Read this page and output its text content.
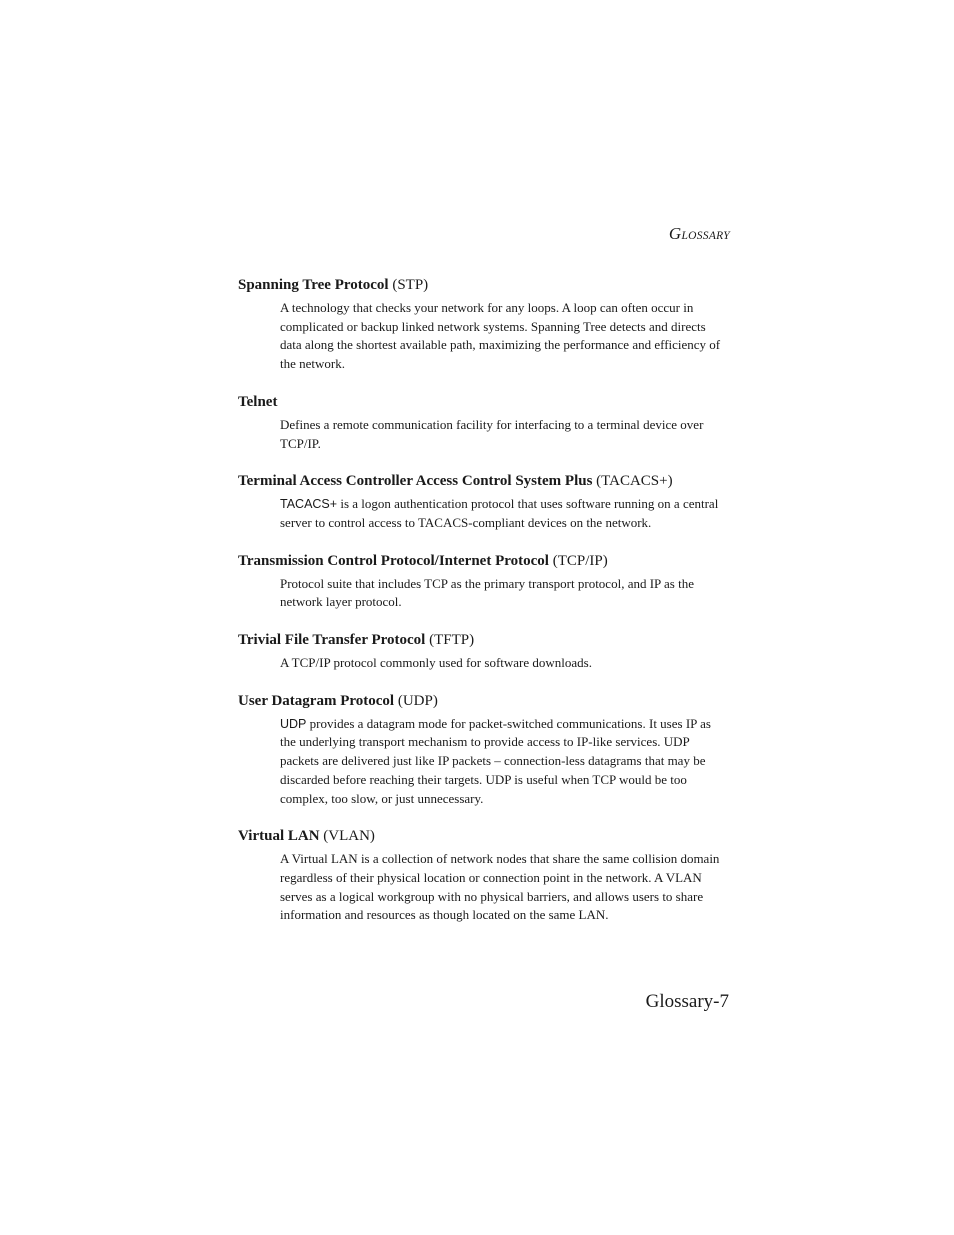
GLOSSARY

Spanning Tree Protocol (STP)

A technology that checks your network for any loops. A loop can often occur in complicated or backup linked network systems. Spanning Tree detects and directs data along the shortest available path, maximizing the performance and efficiency of the network.

Telnet

Defines a remote communication facility for interfacing to a terminal device over TCP/IP.

Terminal Access Controller Access Control System Plus (TACACS+)

TACACS+ is a logon authentication protocol that uses software running on a central server to control access to TACACS-compliant devices on the network.

Transmission Control Protocol/Internet Protocol (TCP/IP)

Protocol suite that includes TCP as the primary transport protocol, and IP as the network layer protocol.

Trivial File Transfer Protocol (TFTP)

A TCP/IP protocol commonly used for software downloads.

User Datagram Protocol (UDP)

UDP provides a datagram mode for packet-switched communications. It uses IP as the underlying transport mechanism to provide access to IP-like services. UDP packets are delivered just like IP packets – connection-less datagrams that may be discarded before reaching their targets. UDP is useful when TCP would be too complex, too slow, or just unnecessary.

Virtual LAN (VLAN)

A Virtual LAN is a collection of network nodes that share the same collision domain regardless of their physical location or connection point in the network. A VLAN serves as a logical workgroup with no physical barriers, and allows users to share information and resources as though located on the same LAN.

Glossary-7
